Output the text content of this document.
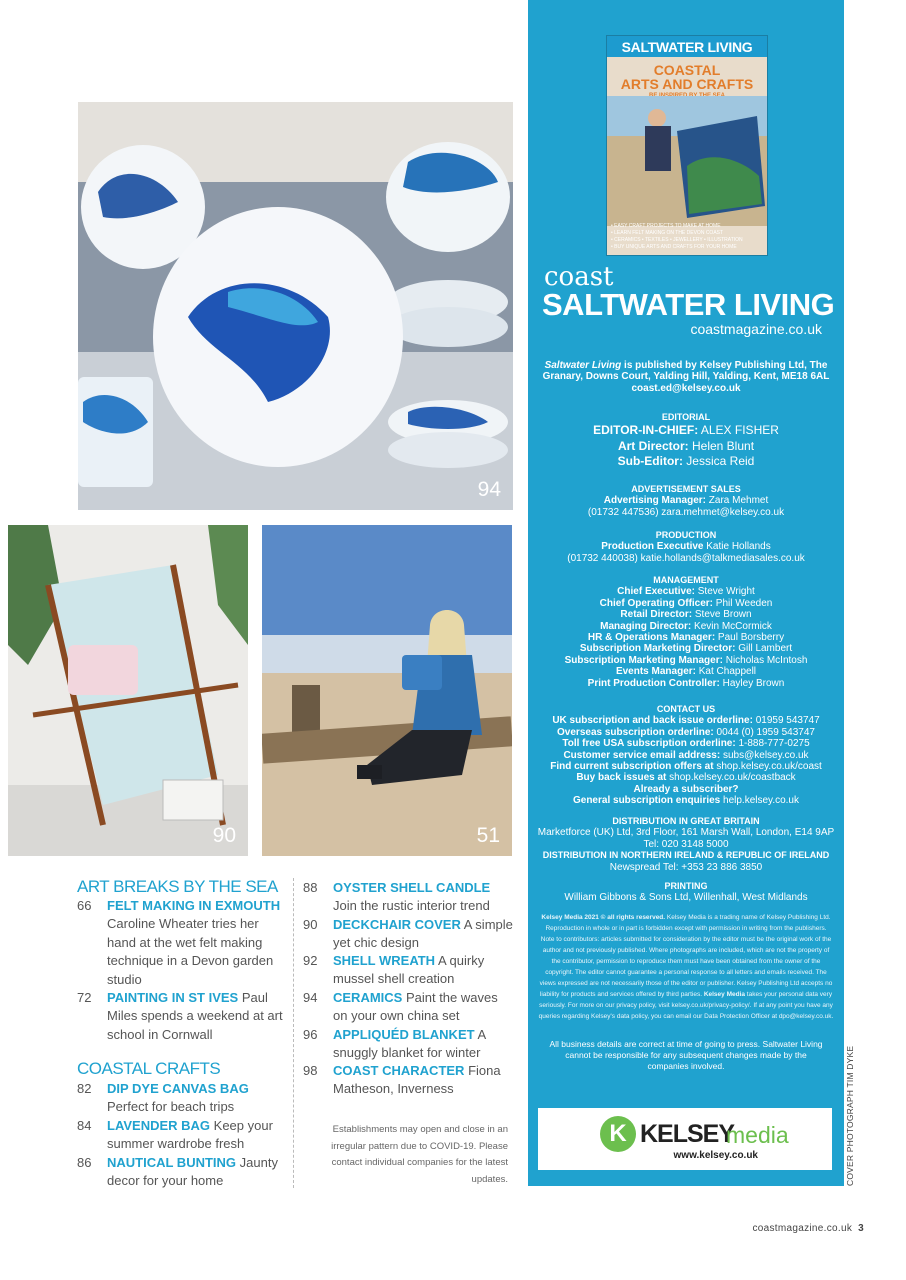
94
90	51
SALTWATER LIVING
COASTAL
ARTS AND CRAFTS
• EASY CRAFT PROJECTS TO MAKE AT HOME
• LEARN FELT MAKING ON THE DEVON COAST
• CERAMICS • TEXTILES • JEWELLERY • ILLUSTRATION
• BUY UNIQUE ARTS AND CRAFTS FOR YOUR HOME
coast
SALTWATER LIVING
coastmagazine.co.uk
Saltwater Living is published by Kelsey Publishing Ltd, The
Granary, Downs Court, Yalding Hill, Yalding, Kent, ME18 6AL
coast.ed@kelsey.co.uk
EDITORIAL
EDITOR-IN-CHIEF: ALEX FISHER
Art Director: Helen Blunt
Sub-Editor: Jessica Reid
ADVERTISEMENT SALES
Advertising Manager: Zara Mehmet
(01732 447536) zara.mehmet@kelsey.co.uk
PRODUCTION
Production Executive Katie Hollands
(01732 440038) katie.hollands@talkmediasales.co.uk
MANAGEMENT
Chief Executive: Steve Wright
Chief Operating Officer: Phil Weeden
Retail Director: Steve Brown
Managing Director: Kevin McCormick
HR & Operations Manager: Paul Borsberry
Subscription Marketing Director: Gill Lambert
Subscription Marketing Manager: Nicholas McIntosh
Events Manager: Kat Chappell
Print Production Controller: Hayley Brown
CONTACT US
UK subscription and back issue orderline: 01959 543747
Overseas subscription orderline: 0044 (0) 1959 543747
Toll free USA subscription orderline: 1-888-777-0275
Customer service email address: subs@kelsey.co.uk
Find current subscription offers at shop.kelsey.co.uk/coast
Buy back issues at shop.kelsey.co.uk/coastback
Already a subscriber?
General subscription enquiries help.kelsey.co.uk
DISTRIBUTION IN GREAT BRITAIN
Marketforce (UK) Ltd, 3rd Floor, 161 Marsh Wall, London, E14 9AP
Tel: 020 3148 5000
DISTRIBUTION IN NORTHERN IRELAND & REPUBLIC OF IRELAND
Newspread Tel: +353 23 886 3850
PRINTING
William Gibbons & Sons Ltd, Willenhall, West Midlands
Kelsey Media 2021 © all rights reserved. Kelsey Media is a trading name of Kelsey Publishing Ltd. Reproduction in whole or in part is forbidden except with permission in writing from the publishers. Note to contributors: articles submitted for consideration by the editor must be the original work of the author and not previously published. Where photographs are included, which are not the property of the contributor, permission to reproduce them must have been obtained from the owner of the copyright. The editor cannot guarantee a personal response to all letters and emails received. The views expressed are not necessarily those of the editor or publisher. Kelsey Publishing Ltd accepts no liability for products and services offered by third parties. Kelsey Media takes your personal data very seriously. For more on our privacy policy, visit kelsey.co.uk/privacy-policy/. If at any point you have any queries regarding Kelsey's data policy, you can email our Data Protection Officer at dpo@kelsey.co.uk.
All business details are correct at time of going to press. Saltwater Living cannot be responsible for any subsequent changes made by the companies involved.
K KELSEY
media
www.kelsey.co.uk	COVER PHOTOGRAPH TIM DYKE
ART BREAKS BY THE SEA
66 FELT MAKING IN EXMOUTH Caroline Wheater tries her hand at the wet felt making technique in a Devon garden studio
72 PAINTING IN ST IVES Paul Miles spends a weekend at art school in Cornwall
COASTAL CRAFTS
82 DIP DYE CANVAS BAG Perfect for beach trips
84 LAVENDER BAG Keep your summer wardrobe fresh
86 NAUTICAL BUNTING Jaunty decor for your home
88 OYSTER SHELL CANDLE Join the rustic interior trend
90 DECKCHAIR COVER A simple yet chic design
92 SHELL WREATH A quirky mussel shell creation
94 CERAMICS Paint the waves on your own china set
96 APPLIQUÉD BLANKET A snuggly blanket for winter
98 COAST CHARACTER Fiona Matheson, Inverness
Establishments may open and close in an irregular pattern due to COVID-19. Please contact individual companies for the latest updates.
coastmagazine.co.uk 3
